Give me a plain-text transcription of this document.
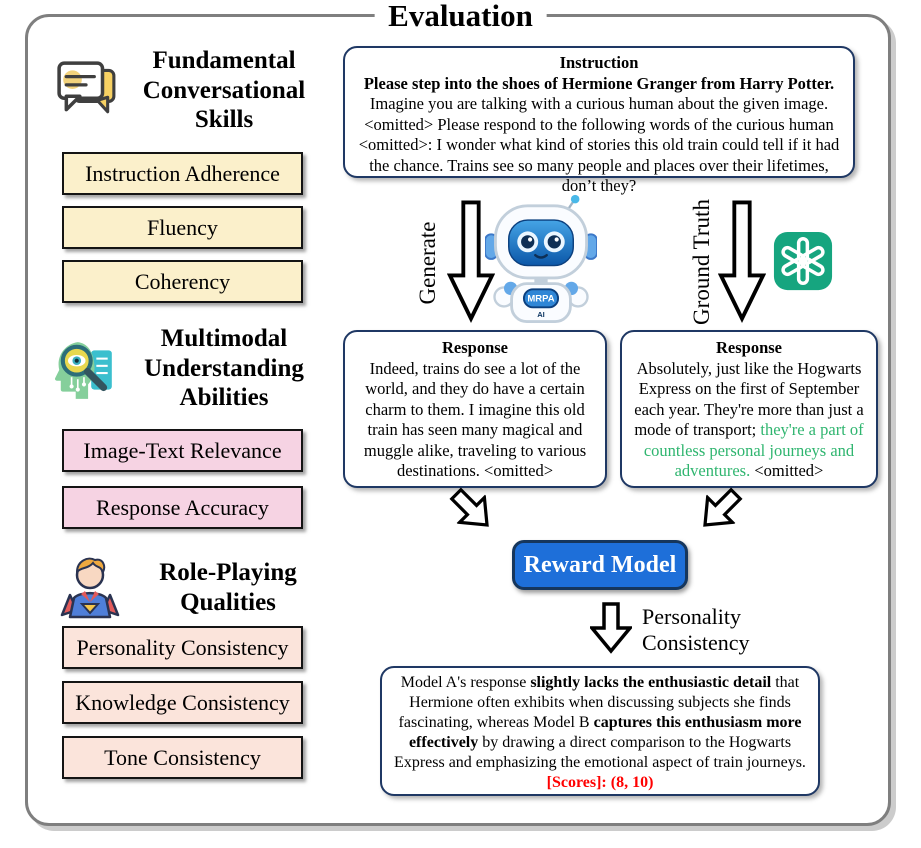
Evaluation
Fundamental
Conversational
Skills
Instruction Adherence
Fluency
Coherency
Multimodal
Understanding
Abilities
Image-Text Relevance
Response Accuracy
Role-Playing
Qualities
Personality Consistency
Knowledge Consistency
Tone Consistency
Instruction
Please step into the shoes of Hermione Granger from Harry Potter. Imagine you are talking with a curious human about the given image. <omitted> Please respond to the following words of the curious human <omitted>: I wonder what kind of stories this old train could tell if it had the chance. Trains see so many people and places over their lifetimes, don’t they?
Generate	MRPA
AI	Ground Truth
Response
Indeed, trains do see a lot of the world, and they do have a certain charm to them. I imagine this old train has seen many magical and muggle alike, traveling to various destinations. <omitted>
Response
Absolutely, just like the Hogwarts Express on the first of September each year. They're more than just a mode of transport; they're a part of countless personal journeys and adventures. <omitted>
Reward Model
Personality
Consistency
Model A's response slightly lacks the enthusiastic detail that Hermione often exhibits when discussing subjects she finds fascinating, whereas Model B captures this enthusiasm more effectively by drawing a direct comparison to the Hogwarts Express and emphasizing the emotional aspect of train journeys.
[Scores]: (8, 10)
